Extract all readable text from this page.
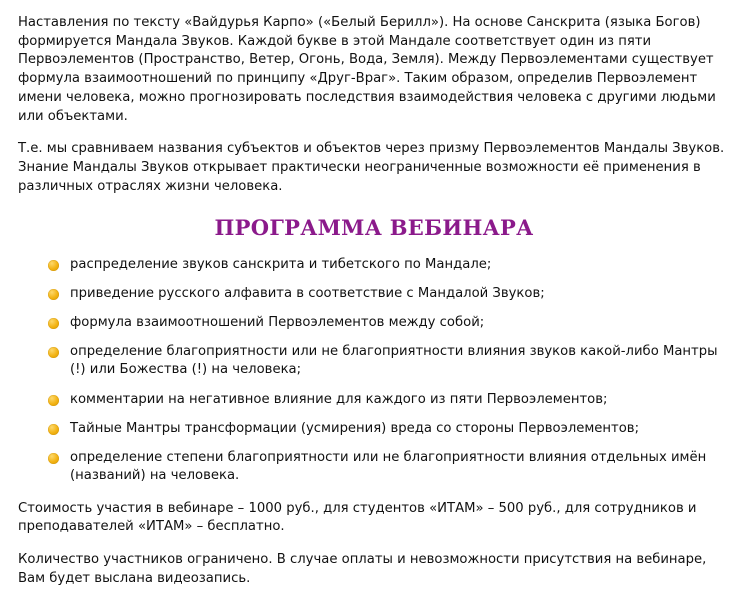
Наставления по тексту «Вайдурья Карпо» («Белый Берилл»). На основе Санскрита (языка Богов) формируется Мандала Звуков. Каждой букве в этой Мандале соответствует один из пяти Первоэлементов (Пространство, Ветер, Огонь, Вода, Земля). Между Первоэлементами существует формула взаимоотношений по принципу «Друг-Враг». Таким образом, определив Первоэлемент имени человека, можно прогнозировать последствия взаимодействия человека с другими людьми или объектами.

Т.е. мы сравниваем названия субъектов и объектов через призму Первоэлементов Мандалы Звуков. Знание Мандалы Звуков открывает практически неограниченные возможности её применения в различных отраслях жизни человека.

ПРОГРАММА ВЕБИНАРА
распределение звуков санскрита и тибетского по Мандале;
приведение русского алфавита в соответствие с Мандалой Звуков;
формула взаимоотношений Первоэлементов между собой;
определение благоприятности или не благоприятности влияния звуков какой-либо Мантры (!) или Божества (!) на человека;
комментарии на негативное влияние для каждого из пяти Первоэлементов;
Тайные Мантры трансформации (усмирения) вреда со стороны Первоэлементов;
определение степени благоприятности или не благоприятности влияния отдельных имён (названий) на человека.

Стоимость участия в вебинаре – 1000 руб., для студентов «ИТАМ» – 500 руб., для сотрудников и преподавателей «ИТАМ» – бесплатно.

Количество участников ограничено. В случае оплаты и невозможности присутствия на вебинаре, Вам будет выслана видеозапись.
